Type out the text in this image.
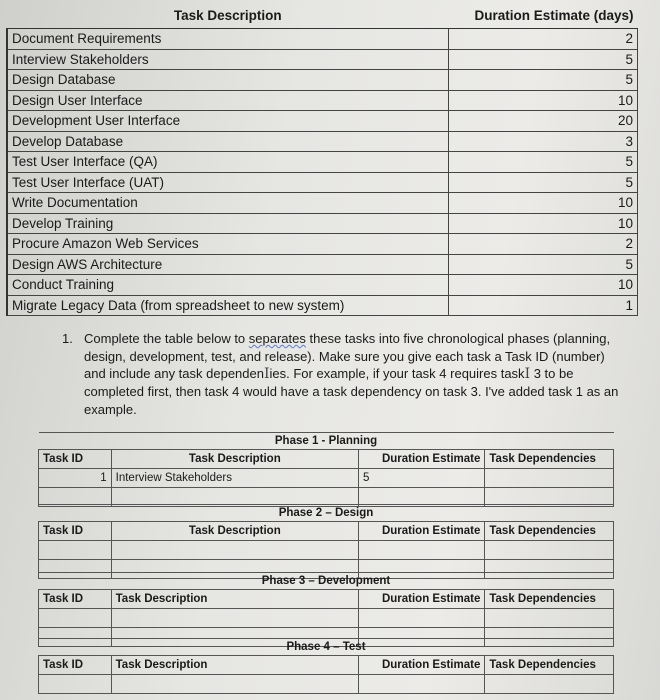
Task Description	Duration Estimate (days)
Document Requirements	2
Interview Stakeholders	5
Design Database	5
Design User Interface	10
Development User Interface	20
Develop Database	3
Test User Interface (QA)	5
Test User Interface (UAT)	5
Write Documentation	10
Develop Training	10
Procure Amazon Web Services	2
Design AWS Architecture	5
Conduct Training	10
Migrate Legacy Data (from spreadsheet to new system)	1
1. Complete the table below to separates these tasks into five chronological phases (planning, design, development, test, and release). Make sure you give each task a Task ID (number) and include any task dependenIies. For example, if your task 4 requires taskI 3 to be completed first, then task 4 would have a task dependency on task 3. I've added task 1 as an example.
Phase 1 - Planning			
Task ID	Task Description	Duration Estimate	Task Dependencies
1	Interview Stakeholders	5	

Phase 2 – Design			
Task ID	Task Description	Duration Estimate	Task Dependencies

Phase 3 – Development			
Task ID	Task Description	Duration Estimate	Task Dependencies

Phase 4 – Test			
Task ID	Task Description	Duration Estimate	Task Dependencies
